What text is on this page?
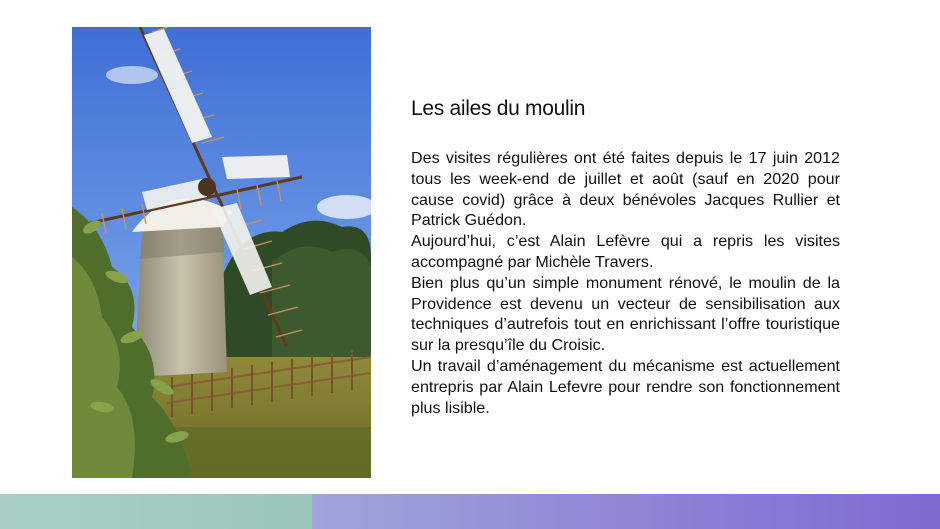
Les ailes du moulin

Des visites régulières ont été faites depuis le 17 juin 2012 tous les week-end de juillet et août (sauf en 2020 pour cause covid) grâce à deux bénévoles Jacques Rullier et Patrick Guédon.

Aujourd’hui, c’est Alain Lefèvre qui a repris les visites accompagné par Michèle Travers.

Bien plus qu’un simple monument rénové, le moulin de la Providence est devenu un vecteur de sensibilisation aux techniques d’autrefois tout en enrichissant l’offre touristique sur la presqu’île du Croisic.

Un travail d’aménagement du mécanisme est actuellement entrepris par Alain Lefevre pour rendre son fonctionnement plus lisible.
